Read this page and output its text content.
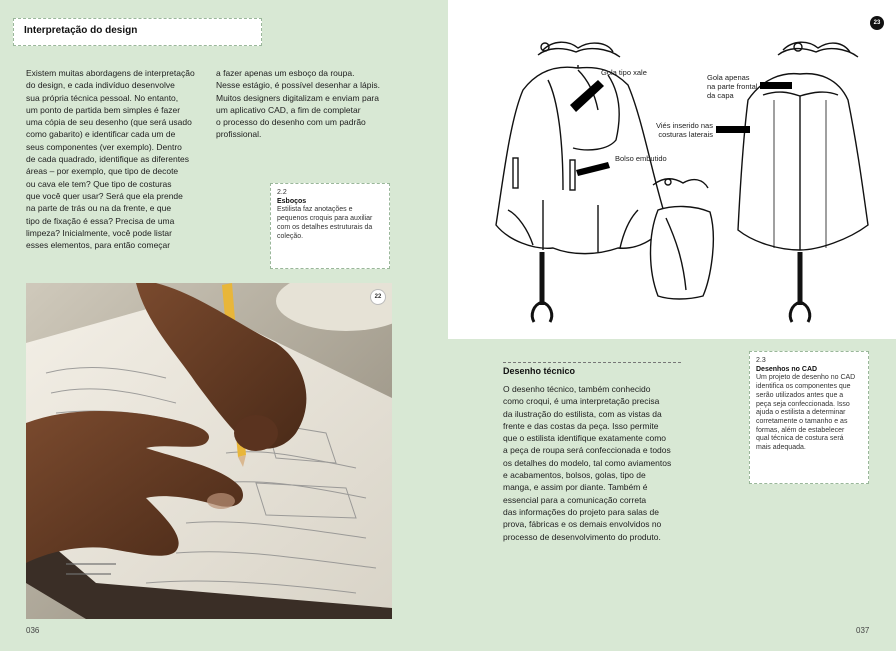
Interpretação do design
Existem muitas abordagens de interpretação
do design, e cada indivíduo desenvolve
sua própria técnica pessoal. No entanto,
um ponto de partida bem simples é fazer
uma cópia de seu desenho (que será usado
como gabarito) e identificar cada um de
seus componentes (ver exemplo). Dentro
de cada quadrado, identifique as diferentes
áreas – por exemplo, que tipo de decote
ou cava ele tem? Que tipo de costuras
que você quer usar? Será que ela prende
na parte de trás ou na da frente, e que
tipo de fixação é essa? Precisa de uma
limpeza? Inicialmente, você pode listar
esses elementos, para então começar
a fazer apenas um esboço da roupa.
Nesse estágio, é possível desenhar a lápis.
Muitos designers digitalizam e enviam para
um aplicativo CAD, a fim de completar
o processo do desenho com um padrão
profissional.
2.2
Esboços
Estilista faz anotações e
pequenos croquis para auxiliar
com os detalhes estruturais da
coleção.
22
036
23
Gola tipo xale
Bolso embutido
Gola apenas
na parte frontal
da capa
Viés inserido nas
costuras laterais
Desenho técnico
O desenho técnico, também conhecido
como croqui, é uma interpretação precisa
da ilustração do estilista, com as vistas da
frente e das costas da peça. Isso permite
que o estilista identifique exatamente como
a peça de roupa será confeccionada e todos
os detalhes do modelo, tal como aviamentos
e acabamentos, bolsos, golas, tipo de
manga, e assim por diante. Também é
essencial para a comunicação correta
das informações do projeto para salas de
prova, fábricas e os demais envolvidos no
processo de desenvolvimento do produto.
2.3
Desenhos no CAD
Um projeto de desenho no CAD
identifica os componentes que
serão utilizados antes que a
peça seja confeccionada. Isso
ajuda o estilista a determinar
corretamente o tamanho e as
formas, além de estabelecer
qual técnica de costura será
mais adequada.
037
